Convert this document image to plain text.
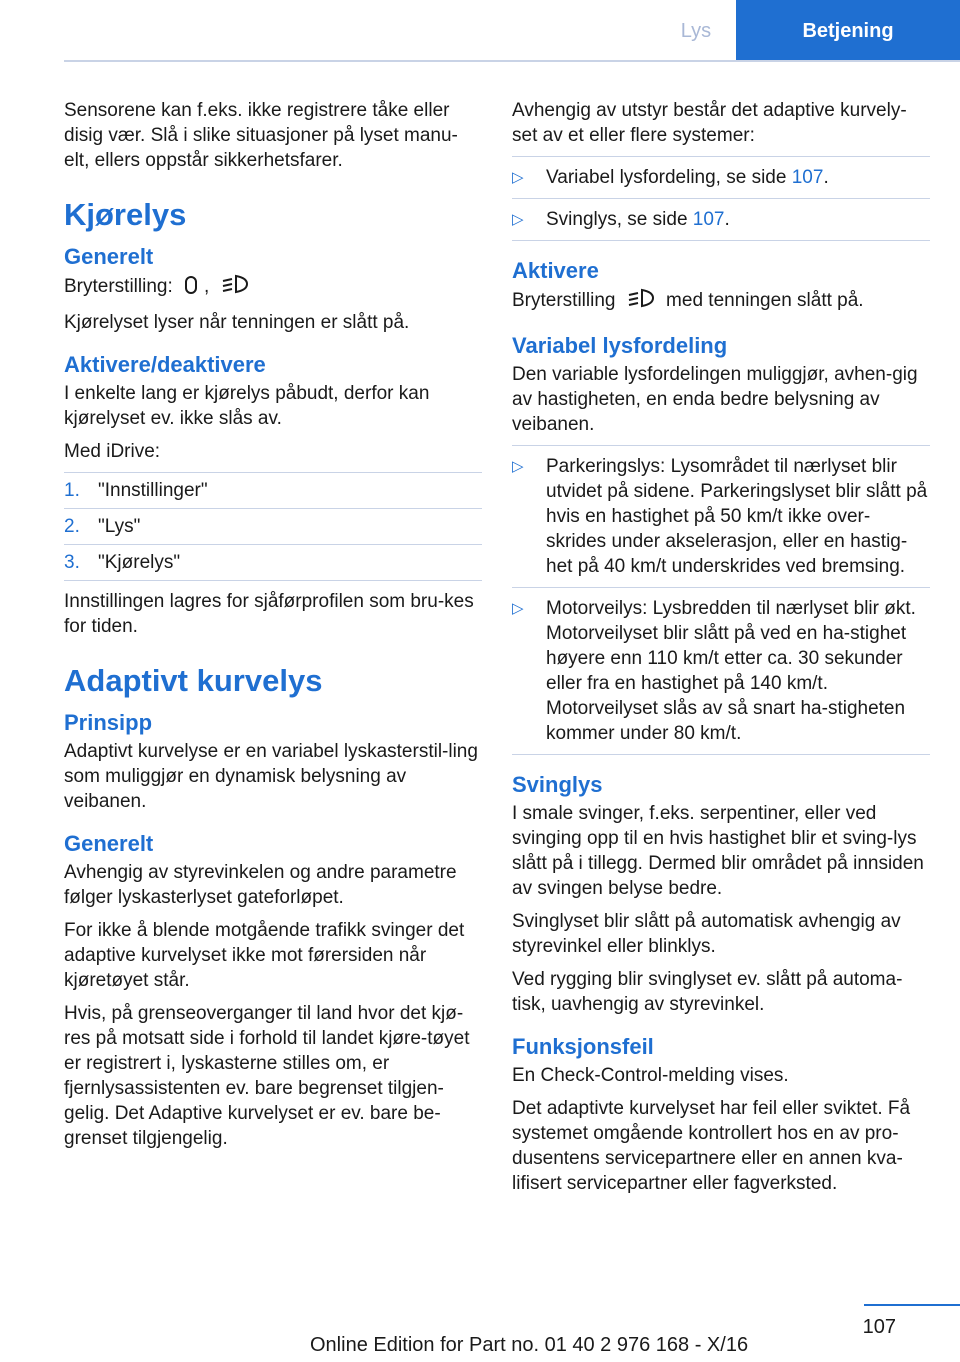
Lys	Betjening

Sensorene kan f.eks. ikke registrere tåke eller disig vær. Slå i slike situasjoner på lyset manu-elt, ellers oppstår sikkerhetsfarer.

Kjørelys
Generelt

Bryterstilling: ,

Kjørelyset lyser når tenningen er slått på.

Aktivere/deaktivere

I enkelte lang er kjørelys påbudt, derfor kan kjørelyset ev. ikke slås av.

Med iDrive:

1. "Innstillinger"
2. "Lys"
3. "Kjørelys"

Innstillingen lagres for sjåførprofilen som bru-kes for tiden.

Adaptivt kurvelys
Prinsipp

Adaptivt kurvelyse er en variabel lyskasterstil-ling som muliggjør en dynamisk belysning av veibanen.

Generelt

Avhengig av styrevinkelen og andre parametre følger lyskasterlyset gateforløpet.

For ikke å blende motgående trafikk svinger det adaptive kurvelyset ikke mot førersiden når kjøretøyet står.

Hvis, på grenseoverganger til land hvor det kjø-res på motsatt side i forhold til landet kjøre-tøyet er registrert i, lyskasterne stilles om, er fjernlysassistenten ev. bare begrenset tilgjen-gelig. Det Adaptive kurvelyset er ev. bare be-grenset tilgjengelig.

Avhengig av utstyr består det adaptive kurvely-set av et eller flere systemer:

▷ Variabel lysfordeling, se side 107.
▷ Svinglys, se side 107.
Aktivere

Bryterstilling	med tenningen slått på.

Variabel lysfordeling

Den variable lysfordelingen muliggjør, avhen-gig av hastigheten, en enda bedre belysning av veibanen.

▷ Parkeringslys: Lysområdet til nærlyset blir utvidet på sidene. Parkeringslyset blir slått på hvis en hastighet på 50 km/t ikke over-skrides under akselerasjon, eller en hastig-het på 40 km/t underskrides ved bremsing.
▷ Motorveilys: Lysbredden til nærlyset blir økt. Motorveilyset blir slått på ved en ha-stighet høyere enn 110 km/t etter ca. 30 sekunder eller fra en hastighet på 140 km/t. Motorveilyset slås av så snart ha-stigheten kommer under 80 km/t.
Svinglys

I smale svinger, f.eks. serpentiner, eller ved svinging opp til en hvis hastighet blir et sving-lys slått på i tillegg. Dermed blir området på innsiden av svingen belyse bedre.

Svinglyset blir slått på automatisk avhengig av styrevinkel eller blinklys.

Ved rygging blir svinglyset ev. slått på automa-tisk, uavhengig av styrevinkel.

Funksjonsfeil

En Check-Control-melding vises.

Det adaptivte kurvelyset har feil eller sviktet. Få systemet omgående kontrollert hos en av pro-dusentens servicepartnere eller en annen kva-lifisert servicepartner eller fagverksted.

107
Online Edition for Part no. 01 40 2 976 168 - X/16
